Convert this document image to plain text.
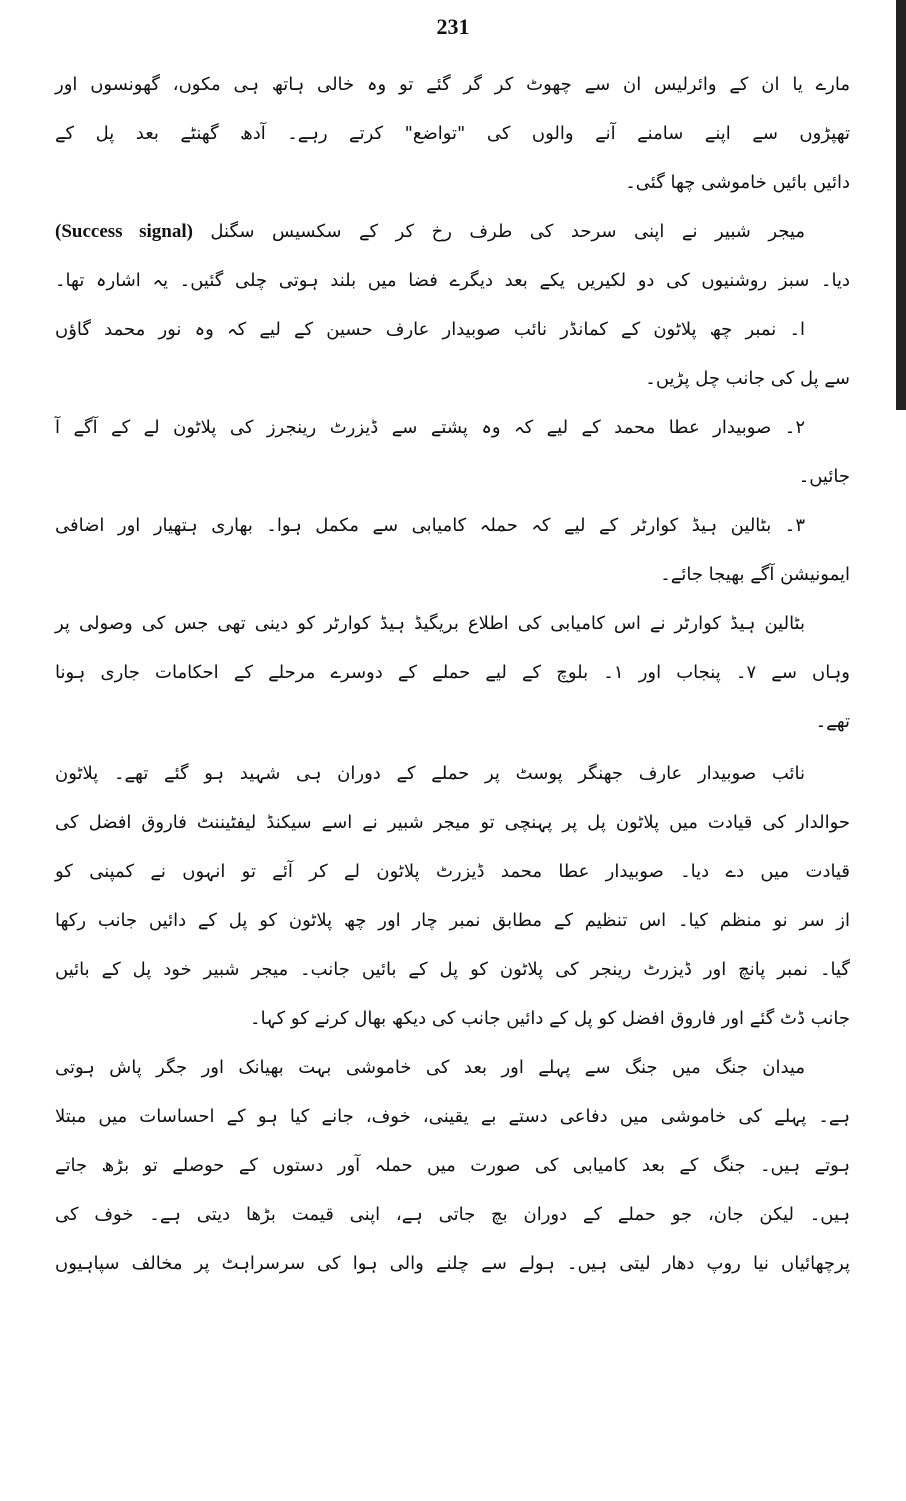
231
مارے یا ان کے وائرلیس ان سے چھوٹ کر گر گئے تو وہ خالی ہاتھ ہی مکوں، گھونسوں اور
تھپڑوں سے اپنے سامنے آنے والوں کی "تواضع" کرتے رہے۔ آدھ گھنٹے بعد پل کے
دائیں بائیں خاموشی چھا گئی۔
میجر شبیر نے اپنی سرحد کی طرف رخ کر کے سکسیس سگنل (Success signal)
دیا۔ سبز روشنیوں کی دو لکیریں یکے بعد دیگرے فضا میں بلند ہوتی چلی گئیں۔ یہ اشارہ تھا۔
ا۔ نمبر چھ پلاٹون کے کمانڈر نائب صوبیدار عارف حسین کے لیے کہ وہ نور محمد گاؤں
سے پل کی جانب چل پڑیں۔
۲۔ صوبیدار عطا محمد کے لیے کہ وہ پشتے سے ڈیزرٹ رینجرز کی پلاٹون لے کے آگے آ
جائیں۔
۳۔ بٹالین ہیڈ کوارٹر کے لیے کہ حملہ کامیابی سے مکمل ہوا۔ بھاری ہتھیار اور اضافی
ایمونیشن آگے بھیجا جائے۔
بٹالین ہیڈ کوارٹر نے اس کامیابی کی اطلاع بریگیڈ ہیڈ کوارٹر کو دینی تھی جس کی وصولی پر
وہاں سے ۷۔ پنجاب اور ۱۔ بلوچ کے لیے حملے کے دوسرے مرحلے کے احکامات جاری ہونا
تھے۔
نائب صوبیدار عارف جھنگر پوسٹ پر حملے کے دوران ہی شہید ہو گئے تھے۔ پلاٹون
حوالدار کی قیادت میں پلاٹون پل پر پہنچی تو میجر شبیر نے اسے سیکنڈ لیفٹیننٹ فاروق افضل کی
قیادت میں دے دیا۔ صوبیدار عطا محمد ڈیزرٹ پلاٹون لے کر آئے تو انہوں نے کمپنی کو
از سر نو منظم کیا۔ اس تنظیم کے مطابق نمبر چار اور چھ پلاٹون کو پل کے دائیں جانب رکھا
گیا۔ نمبر پانچ اور ڈیزرٹ رینجر کی پلاٹون کو پل کے بائیں جانب۔ میجر شبیر خود پل کے بائیں
جانب ڈٹ گئے اور فاروق افضل کو پل کے دائیں جانب کی دیکھ بھال کرنے کو کہا۔
میدان جنگ میں جنگ سے پہلے اور بعد کی خاموشی بہت بھیانک اور جگر پاش ہوتی
ہے۔ پہلے کی خاموشی میں دفاعی دستے بے یقینی، خوف، جانے کیا ہو کے احساسات میں مبتلا
ہوتے ہیں۔ جنگ کے بعد کامیابی کی صورت میں حملہ آور دستوں کے حوصلے تو بڑھ جاتے
ہیں۔ لیکن جان، جو حملے کے دوران بچ جاتی ہے، اپنی قیمت بڑھا دیتی ہے۔ خوف کی
پرچھائیاں نیا روپ دھار لیتی ہیں۔ ہولے سے چلنے والی ہوا کی سرسراہٹ پر مخالف سپاہیوں
